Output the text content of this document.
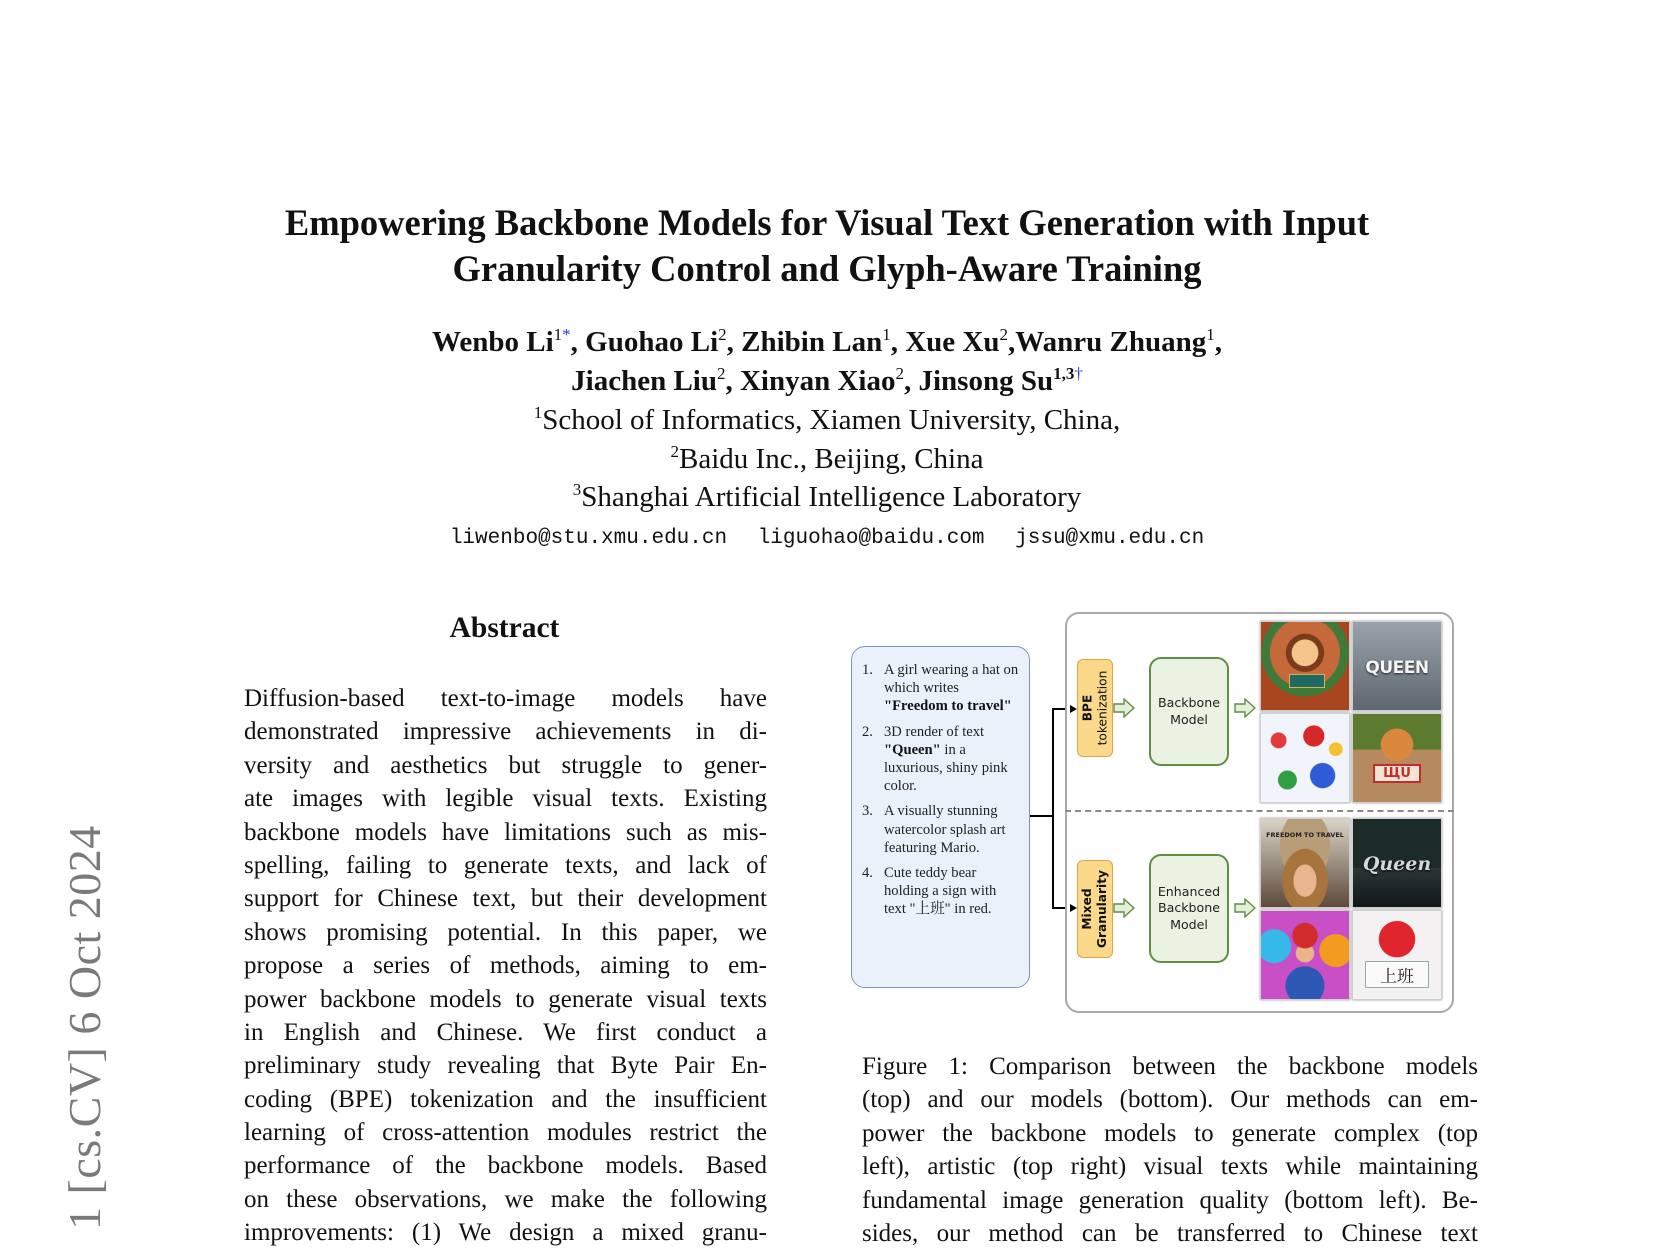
1 [cs.CV] 6 Oct 2024
Empowering Backbone Models for Visual Text Generation with Input
Granularity Control and Glyph-Aware Training
Wenbo $Li^{1*}$, Guohao Li$^2$, Zhibin Lan$^1$, Xue Xu$^2$,Wanru Zhuang$^1$,
Jiachen Liu$^2$, Xinyan Xiao$^2$, Jinsong $Su^{1,3\dagger}$
$^1$School of Informatics, Xiamen University, China,
$^2$Baidu Inc., Beijing, China
$^3$Shanghai Artificial Intelligence Laboratory
liwenbo@stu.xmu.edu.cn liguohao@baidu.com jssu@xmu.edu.cn
Abstract
Diffusion-based text-to-image models have
demonstrated impressive achievements in di-
versity and aesthetics but struggle to gener-
ate images with legible visual texts. Existing
backbone models have limitations such as mis-
spelling, failing to generate texts, and lack of
support for Chinese text, but their development
shows promising potential. In this paper, we
propose a series of methods, aiming to em-
power backbone models to generate visual texts
in English and Chinese. We first conduct a
preliminary study revealing that Byte Pair En-
coding (BPE) tokenization and the insufficient
learning of cross-attention modules restrict the
performance of the backbone models. Based
on these observations, we make the following
improvements: (1) We design a mixed granu-
1. A girl wearing a hat on which writes "Freedom to travel"
2. 3D render of text "Queen" in a luxurious, shiny pink color.
3. A visually stunning watercolor splash art featuring Mario.
4. Cute teddy bear holding a sign with text "上班" in red.
BPE
tokenization	Backbone
Model
QUEEN
ЩU
Mixed
Granularity	Enhanced
Backbone
Model
FREEDOM TO TRAVEL
Queen
上班
Figure 1: Comparison between the backbone models
(top) and our models (bottom). Our methods can em-
power the backbone models to generate complex (top
left), artistic (top right) visual texts while maintaining
fundamental image generation quality (bottom left). Be-
sides, our method can be transferred to Chinese text
